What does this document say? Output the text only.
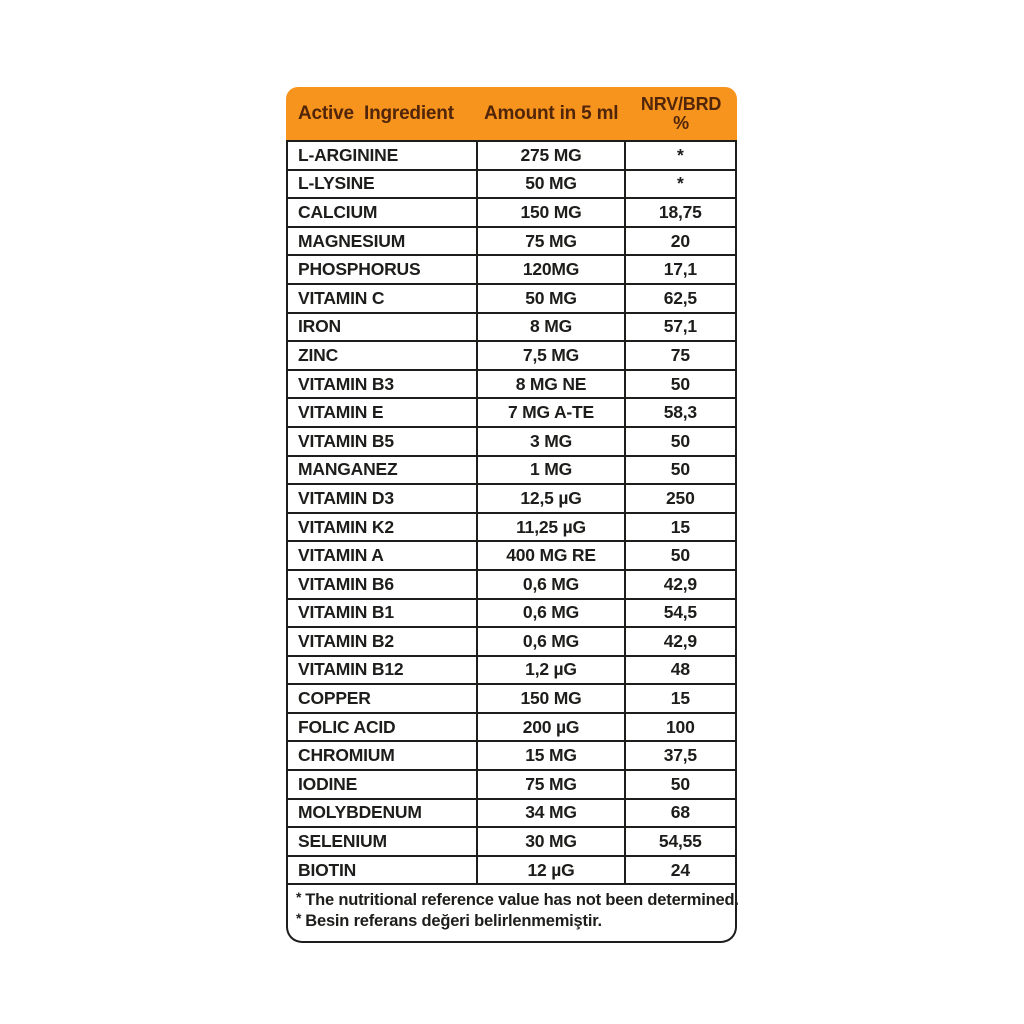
Active  Ingredient	Amount in 5 ml	NRV/BRD
%
L-ARGININE	275 MG	*
L-LYSINE	50 MG	*
CALCIUM	150 MG	18,75
MAGNESIUM	75 MG	20
PHOSPHORUS	120MG	17,1
VITAMIN C	50 MG	62,5
IRON	8 MG	57,1
ZINC	7,5 MG	75
VITAMIN B3	8 MG NE	50
VITAMIN E	7 MG A-TE	58,3
VITAMIN B5	3 MG	50
MANGANEZ	1 MG	50
VITAMIN D3	12,5 µG	250
VITAMIN K2	11,25 µG	15
VITAMIN A	400 MG RE	50
VITAMIN B6	0,6 MG	42,9
VITAMIN B1	0,6 MG	54,5
VITAMIN B2	0,6 MG	42,9
VITAMIN B12	1,2 µG	48
COPPER	150 MG	15
FOLIC ACID	200 µG	100
CHROMIUM	15 MG	37,5
IODINE	75 MG	50
MOLYBDENUM	34 MG	68
SELENIUM	30 MG	54,55
BIOTIN	12 µG	24
* The nutritional reference value has not been determined.
* Besin referans değeri belirlenmemiştir.
